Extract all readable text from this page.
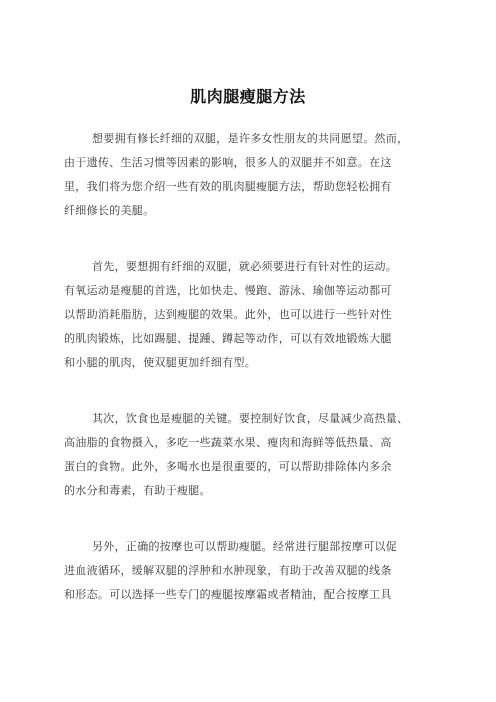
肌肉腿瘦腿方法
想要拥有修长纤细的双腿，是许多女性朋友的共同愿望。然而，
由于遗传、生活习惯等因素的影响，很多人的双腿并不如意。在这
里，我们将为您介绍一些有效的肌肉腿瘦腿方法，帮助您轻松拥有
纤细修长的美腿。
首先，要想拥有纤细的双腿，就必须要进行有针对性的运动。
有氧运动是瘦腿的首选，比如快走、慢跑、游泳、瑜伽等运动都可
以帮助消耗脂肪，达到瘦腿的效果。此外，也可以进行一些针对性
的肌肉锻炼，比如踢腿、提踵、蹲起等动作，可以有效地锻炼大腿
和小腿的肌肉，使双腿更加纤细有型。
其次，饮食也是瘦腿的关键。要控制好饮食，尽量减少高热量、
高油脂的食物摄入，多吃一些蔬菜水果、瘦肉和海鲜等低热量、高
蛋白的食物。此外，多喝水也是很重要的，可以帮助排除体内多余
的水分和毒素，有助于瘦腿。
另外，正确的按摩也可以帮助瘦腿。经常进行腿部按摩可以促
进血液循环，缓解双腿的浮肿和水肿现象，有助于改善双腿的线条
和形态。可以选择一些专门的瘦腿按摩霜或者精油，配合按摩工具
